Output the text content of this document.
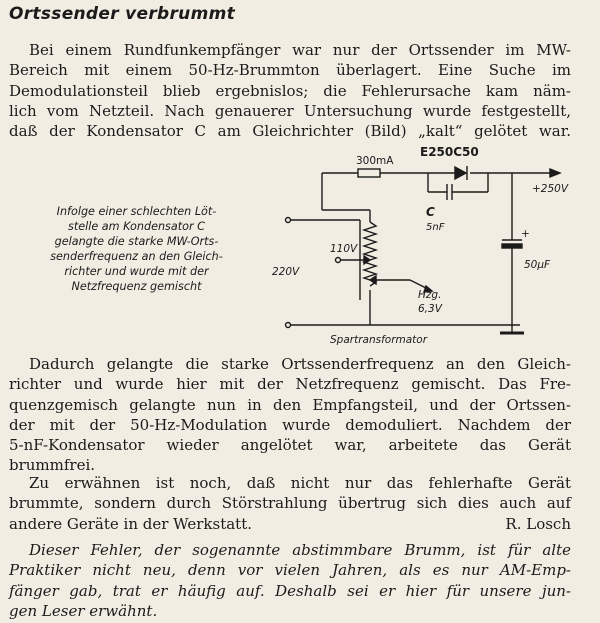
Ortssender verbrummt
Bei einem Rundfunkempfänger war nur der Ortssender im MW-
Bereich mit einem 50-Hz-Brummton überlagert. Eine Suche im
Demodulationsteil blieb ergebnislos; die Fehlerursache kam näm-
lich vom Netzteil. Nach genauerer Untersuchung wurde festgestellt,
daß der Kondensator C am Gleichrichter (Bild) „kalt“ gelötet war.
Infolge einer schlechten Löt-
stelle am Kondensator C
gelangte die starke MW-Orts-
senderfrequenz an den Gleich-
richter und wurde mit der
Netzfrequenz gemischt
300mA
E250C50
+250V
C
5nF
+
50µF
110V
220V
Hzg.
6,3V
Spartransformator
Dadurch gelangte die starke Ortssenderfrequenz an den Gleich-
richter und wurde hier mit der Netzfrequenz gemischt. Das Fre-
quenzgemisch gelangte nun in den Empfangsteil, und der Ortssen-
der mit der 50-Hz-Modulation wurde demoduliert. Nachdem der
5-nF-Kondensator wieder angelötet war, arbeitete das Gerät
brummfrei.
Zu erwähnen ist noch, daß nicht nur das fehlerhafte Gerät
brummte, sondern durch Störstrahlung übertrug sich dies auch auf
andere Geräte in der Werkstatt.	R. Losch
Dieser Fehler, der sogenannte abstimmbare Brumm, ist für alte
Praktiker nicht neu, denn vor vielen Jahren, als es nur AM-Emp-
fänger gab, trat er häufig auf. Deshalb sei er hier für unsere jun-
gen Leser erwähnt.
